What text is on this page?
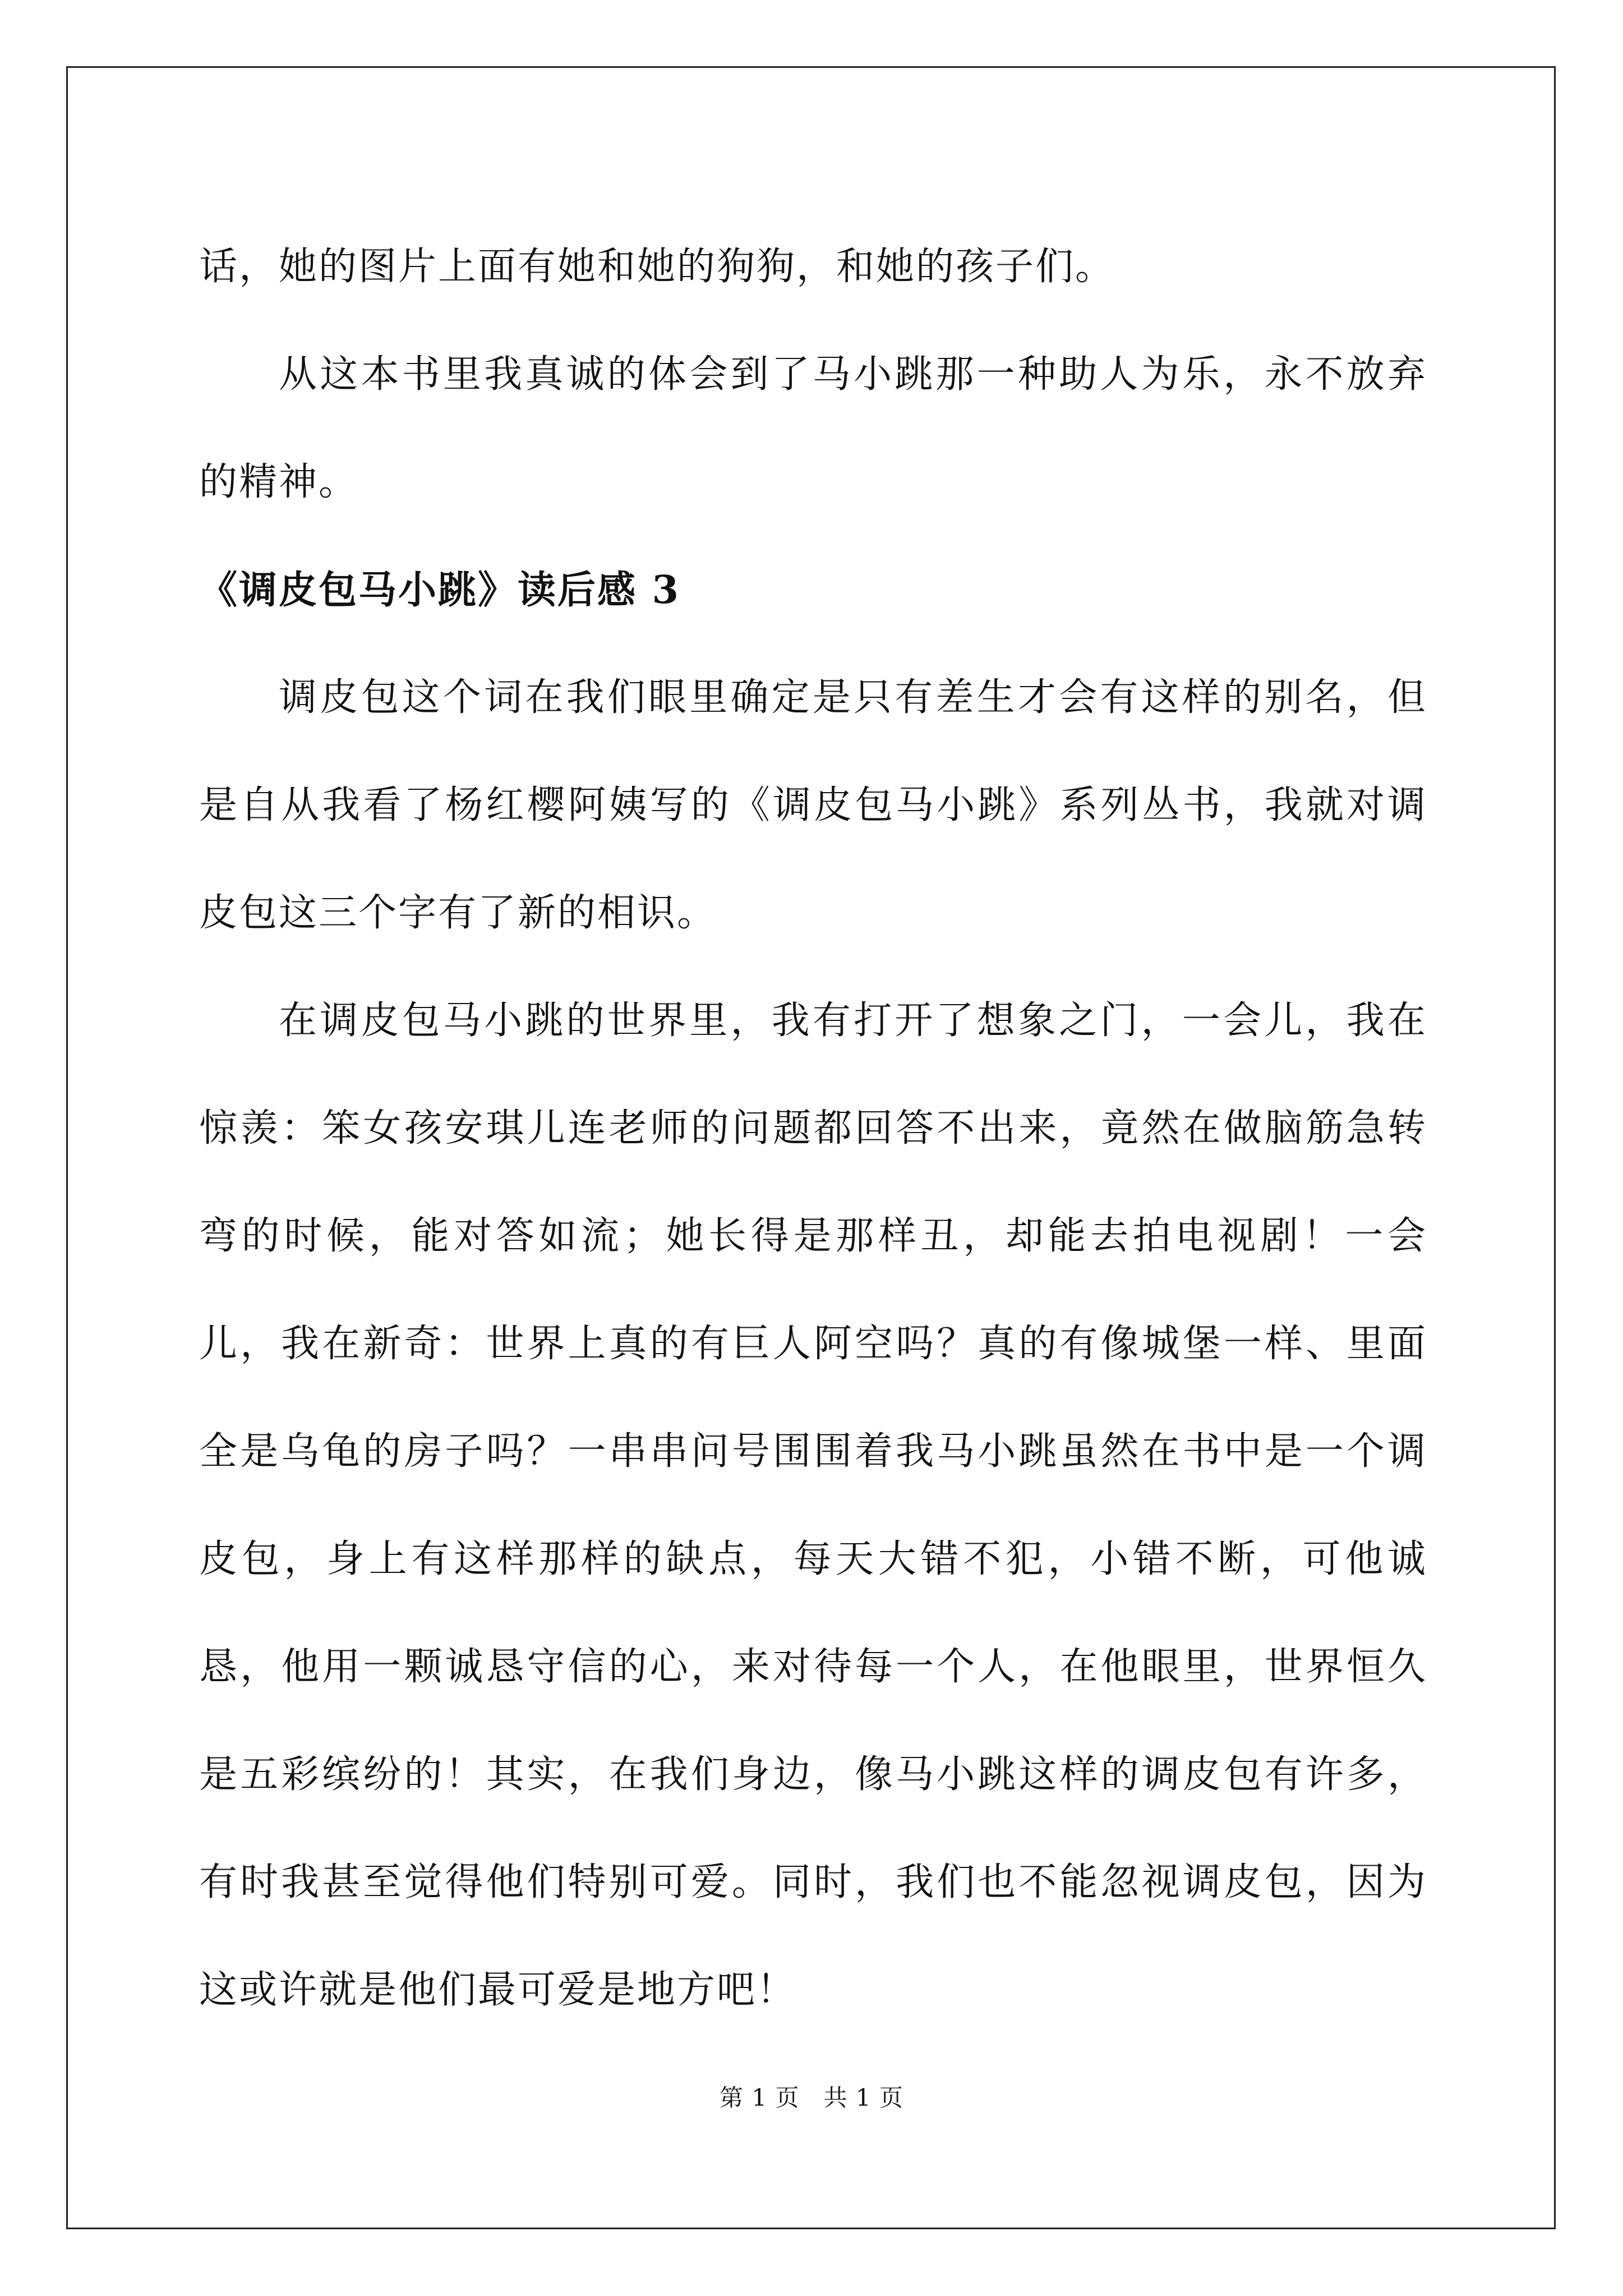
话，她的图片上面有她和她的狗狗，和她的孩子们。

从这本书里我真诚的体会到了马小跳那一种助人为乐，永不放弃的精神。

《调皮包马小跳》读后感 3

调皮包这个词在我们眼里确定是只有差生才会有这样的别名，但是自从我看了杨红樱阿姨写的《调皮包马小跳》系列丛书，我就对调皮包这三个字有了新的相识。

在调皮包马小跳的世界里，我有打开了想象之门，一会儿，我在惊羡：笨女孩安琪儿连老师的问题都回答不出来，竟然在做脑筋急转弯的时候，能对答如流；她长得是那样丑，却能去拍电视剧！一会儿，我在新奇：世界上真的有巨人阿空吗？真的有像城堡一样、里面全是乌龟的房子吗？一串串问号围围着我马小跳虽然在书中是一个调皮包，身上有这样那样的缺点，每天大错不犯，小错不断，可他诚恳，他用一颗诚恳守信的心，来对待每一个人，在他眼里，世界恒久是五彩缤纷的！其实，在我们身边，像马小跳这样的调皮包有许多，有时我甚至觉得他们特别可爱。同时，我们也不能忽视调皮包，因为这或许就是他们最可爱是地方吧！

第 1 页 共 1 页
